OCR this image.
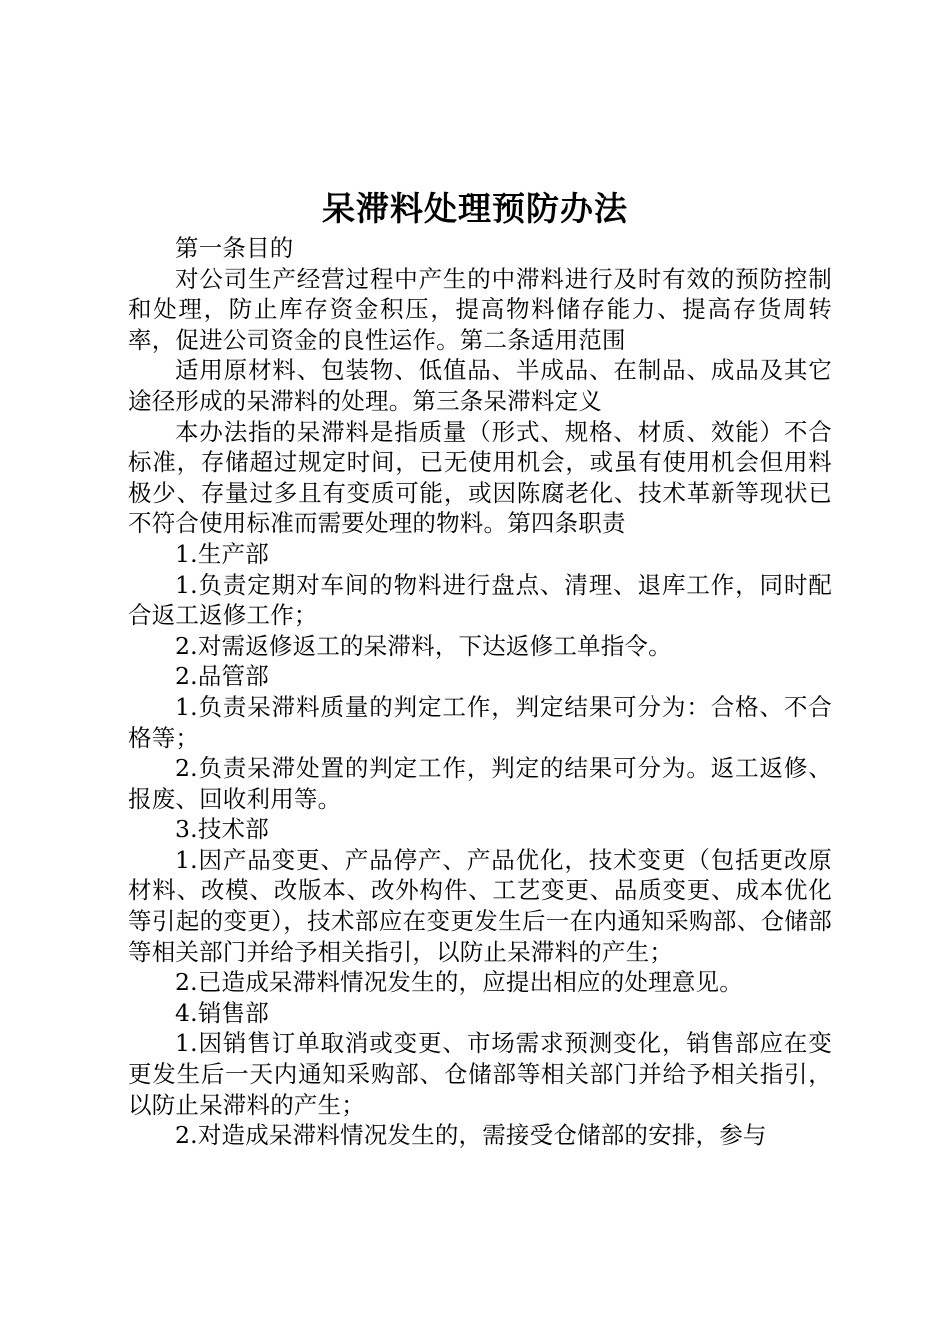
呆滞料处理预防办法

第一条目的

对公司生产经营过程中产生的中滞料进行及时有效的预防控制和处理，防止库存资金积压，提高物料储存能力、提高存货周转率，促进公司资金的良性运作。第二条适用范围

适用原材料、包装物、低值品、半成品、在制品、成品及其它途径形成的呆滞料的处理。第三条呆滞料定义

本办法指的呆滞料是指质量（形式、规格、材质、效能）不合标准，存储超过规定时间，已无使用机会，或虽有使用机会但用料极少、存量过多且有变质可能，或因陈腐老化、技术革新等现状已不符合使用标准而需要处理的物料。第四条职责

1.生产部

1.负责定期对车间的物料进行盘点、清理、退库工作，同时配合返工返修工作；

2.对需返修返工的呆滞料，下达返修工单指令。

2.品管部

1.负责呆滞料质量的判定工作，判定结果可分为：合格、不合格等；

2.负责呆滞处置的判定工作，判定的结果可分为。返工返修、报废、回收利用等。

3.技术部

1.因产品变更、产品停产、产品优化，技术变更（包括更改原材料、改模、改版本、改外构件、工艺变更、品质变更、成本优化等引起的变更），技术部应在变更发生后一在内通知采购部、仓储部等相关部门并给予相关指引，以防止呆滞料的产生；

2.已造成呆滞料情况发生的，应提出相应的处理意见。

4.销售部

1.因销售订单取消或变更、市场需求预测变化，销售部应在变更发生后一天内通知采购部、仓储部等相关部门并给予相关指引，以防止呆滞料的产生；

2.对造成呆滞料情况发生的，需接受仓储部的安排，参与
